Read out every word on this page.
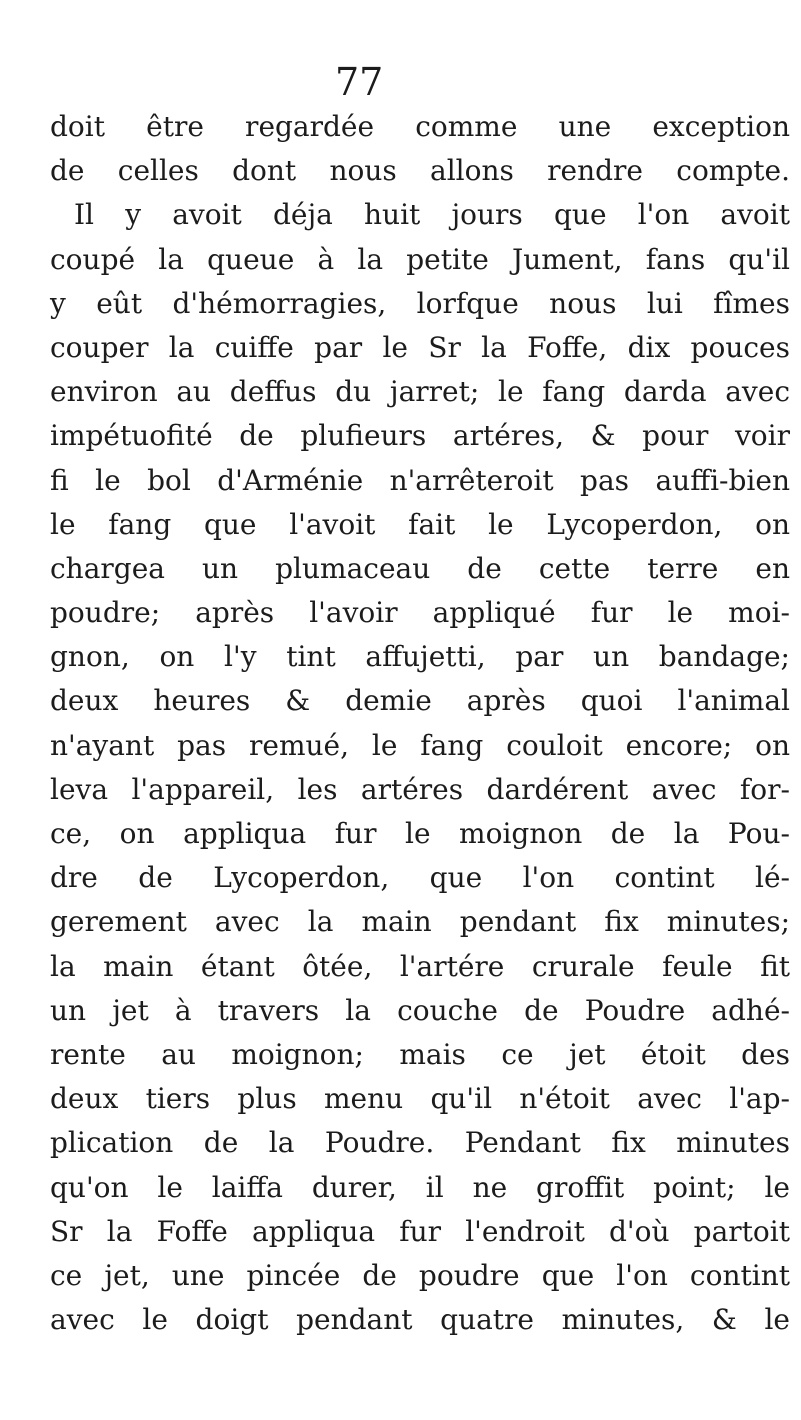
77
doit être regardée comme une exception
de celles dont nous allons rendre compte.
Il y avoit déja huit jours que l'on avoit
coupé la queue à la petite Jument, fans qu'il
y eût d'hémorragies, lorfque nous lui fîmes
couper la cuiffe par le Sr la Foffe, dix pouces
environ au deffus du jarret; le fang darda avec
impétuofité de plufieurs artéres, & pour voir
fi le bol d'Arménie n'arrêteroit pas auffi-bien
le fang que l'avoit fait le Lycoperdon, on
chargea un plumaceau de cette terre en
poudre; après l'avoir appliqué fur le moi-
gnon, on l'y tint affujetti, par un bandage;
deux heures & demie après quoi l'animal
n'ayant pas remué, le fang couloit encore; on
leva l'appareil, les artéres dardérent avec for-
ce, on appliqua fur le moignon de la Pou-
dre de Lycoperdon, que l'on contint lé-
gerement avec la main pendant fix minutes;
la main étant ôtée, l'artére crurale feule fit
un jet à travers la couche de Poudre adhé-
rente au moignon; mais ce jet étoit des
deux tiers plus menu qu'il n'étoit avec l'ap-
plication de la Poudre. Pendant fix minutes
qu'on le laiffa durer, il ne groffit point; le
Sr la Foffe appliqua fur l'endroit d'où partoit
ce jet, une pincée de poudre que l'on contint
avec le doigt pendant quatre minutes, & le
